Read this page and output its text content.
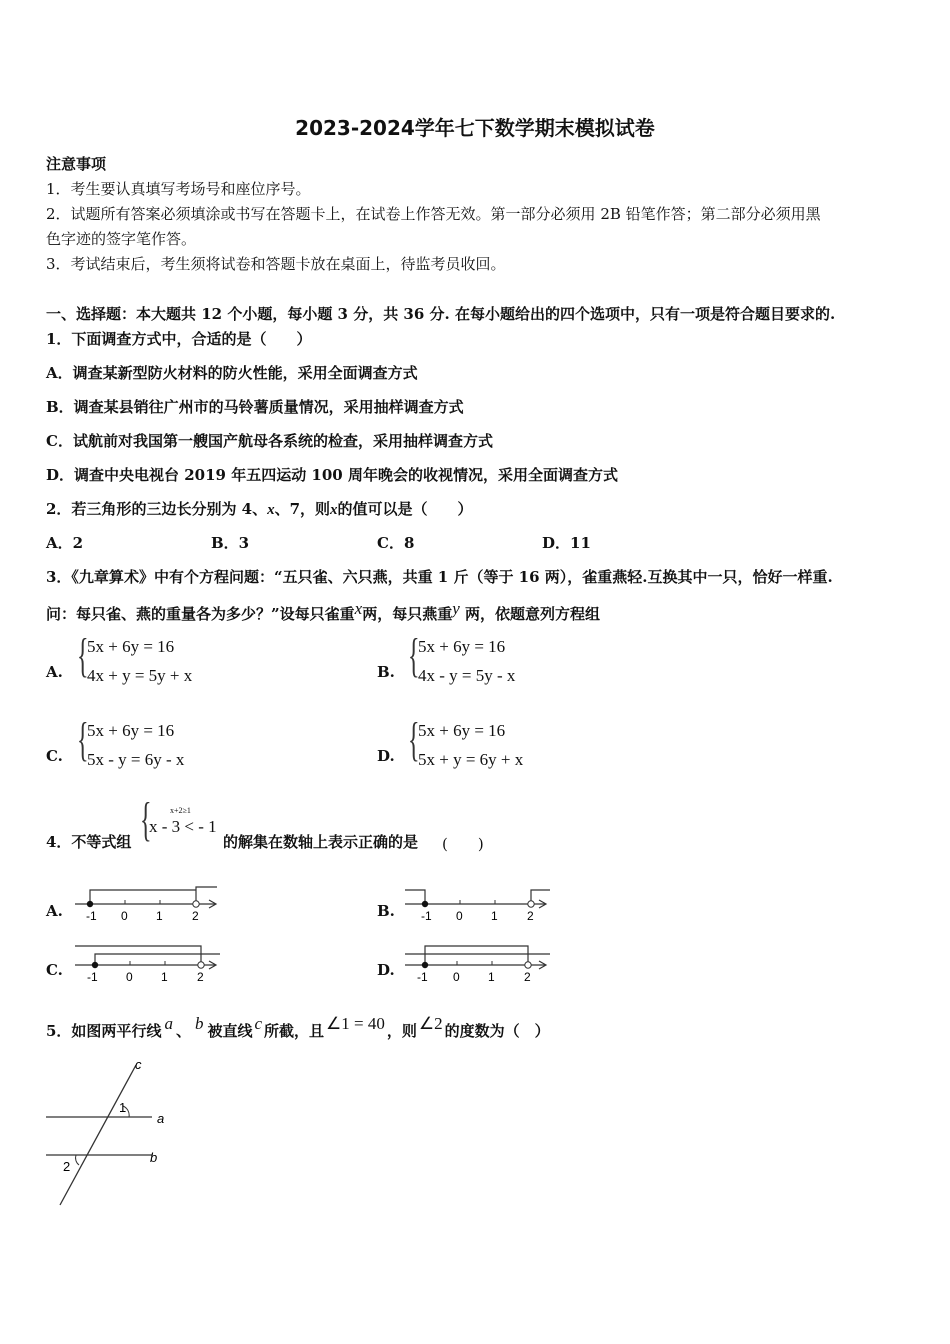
2023-2024学年七下数学期末模拟试卷
注意事项
1．考生要认真填写考场号和座位序号。
2．试题所有答案必须填涂或书写在答题卡上，在试卷上作答无效。第一部分必须用 2B 铅笔作答；第二部分必须用黑
色字迹的签字笔作答。
3．考试结束后，考生须将试卷和答题卡放在桌面上，待监考员收回。
一、选择题：本大题共 12 个小题，每小题 3 分，共 36 分. 在每小题给出的四个选项中，只有一项是符合题目要求的.
1．下面调查方式中，合适的是（　　）
A．调查某新型防火材料的防火性能，采用全面调查方式
B．调查某县销往广州市的马铃薯质量情况，采用抽样调查方式
C．试航前对我国第一艘国产航母各系统的检查，采用抽样调查方式
D．调查中央电视台 2019 年五四运动 100 周年晚会的收视情况，采用全面调查方式
2．若三角形的三边长分别为 4、x、7，则x的值可以是（　　）
A．2	B．3	C．8	D．11
3．《九章算术》中有个方程问题：“五只雀、六只燕，共重 1 斤（等于 16 两），雀重燕轻.互换其中一只，恰好一样重.
问：每只雀、燕的重量各为多少？”设每只雀重x两，每只燕重y 两，依题意列方程组
A. {
5x + 6y = 16
4x + y = 5y + x	B. {
5x + 6y = 16
4x - y = 5y - x
C. {
5x + 6y = 16
5x - y = 6y - x	D. {
5x + 6y = 16
5x + y = 6y + x
4．不等式组 { x+2≥1
x - 3 < - 1
的解集在数轴上表示正确的是 (　　)
A. -1 0 1 2	B. -1 0 1 2
C. -1 0 1 2	D. -1 0 1 2
5．如图两平行线 a 、 b 被直线 c 所截，且 ∠1 = 40 ，则 ∠2 的度数为（　）
c
a
b
1
2
